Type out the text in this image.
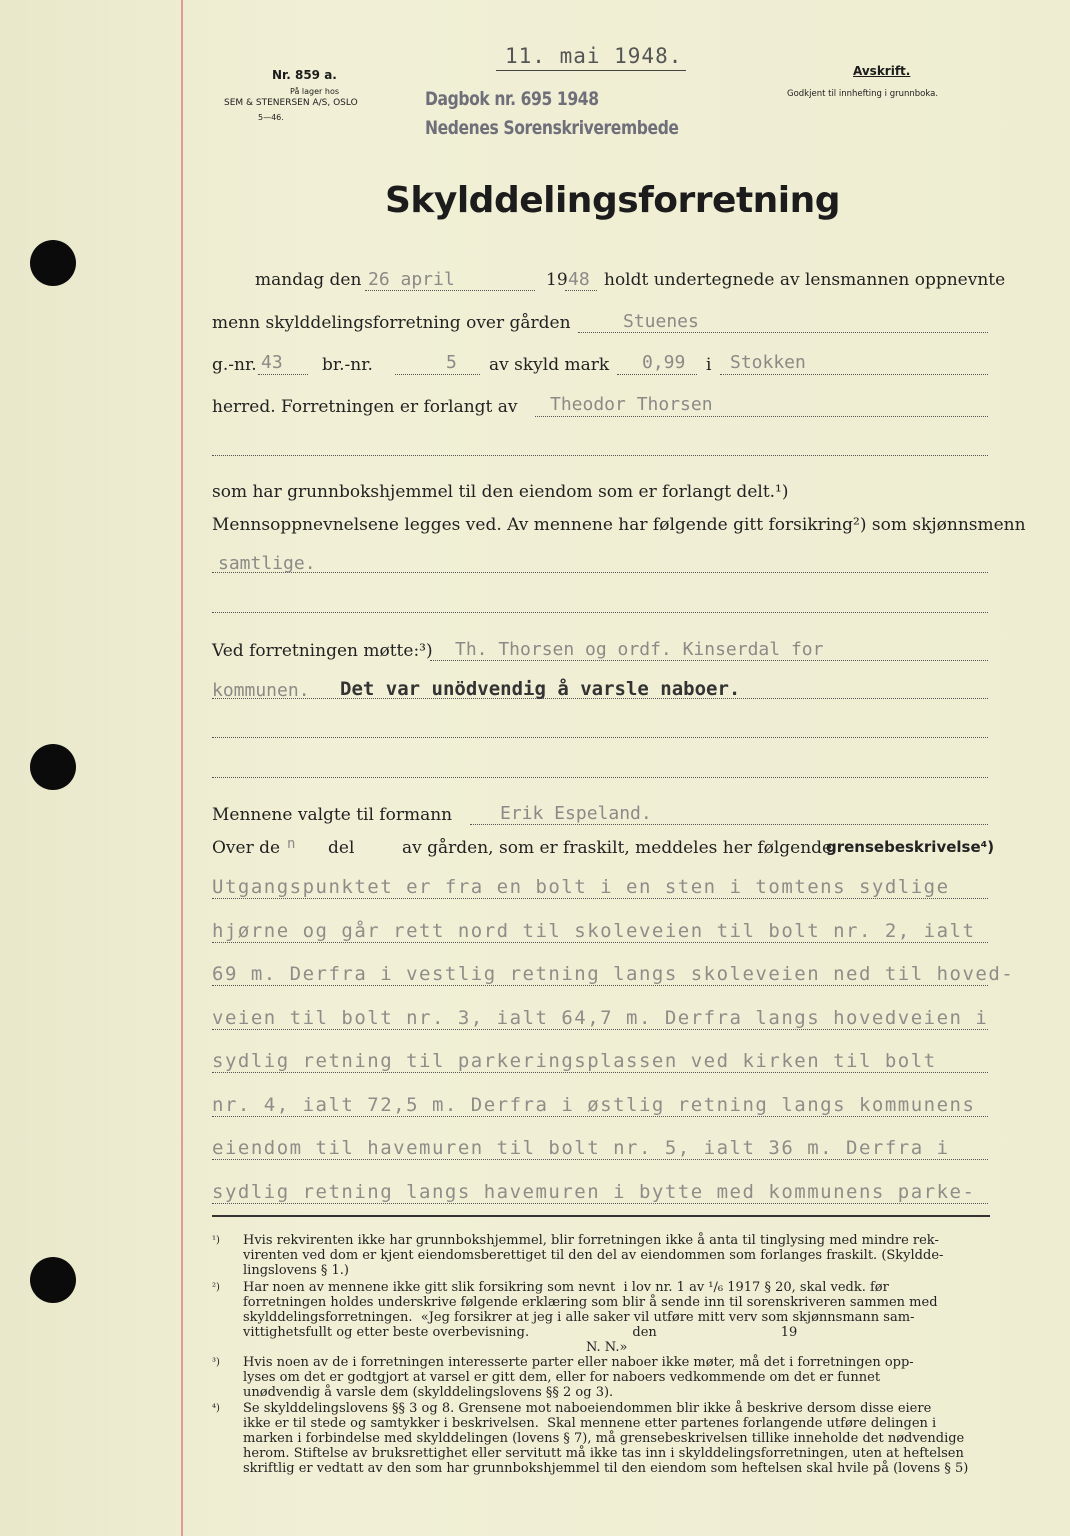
11. mai 1948.
Nr. 859 a.
På lager hos
SEM & STENERSEN A/S, OSLO
5—46.
Dagbok nr. 695 1948
Nedenes Sorenskriverembede
Avskrift.
Godkjent til innhefting i grunnboka.
Skylddelingsforretning
mandag den 26 april	19 48 holdt undertegnede av lensmannen oppnevnte
menn skylddelingsforretning over gården	Stuenes
g.-nr. 43 br.-nr.	5 av skyld mark 0,99 i Stokken
herred. Forretningen er forlangt av Theodor Thorsen
som har grunnbokshjemmel til den eiendom som er forlangt delt.¹)
Mennsoppnevnelsene legges ved. Av mennene har følgende gitt forsikring²) som skjønnsmenn
samtlige.
Ved forretningen møtte:³) Th. Thorsen og ordf. Kinserdal for
kommunen. Det var unödvendig å varsle naboer.
Mennene valgte til formann	Erik Espeland.
Over de n del	av gården, som er fraskilt, meddeles her følgende
grensebeskrivelse⁴)
Utgangspunktet er fra en bolt i en sten i tomtens sydlige
hjørne og går rett nord til skoleveien til bolt nr. 2, ialt
69 m. Derfra i vestlig retning langs skoleveien ned til hoved-
veien til bolt nr. 3, ialt 64,7 m. Derfra langs hovedveien i
sydlig retning til parkeringsplassen ved kirken til bolt
nr. 4, ialt 72,5 m. Derfra i østlig retning langs kommunens
eiendom til havemuren til bolt nr. 5, ialt 36 m. Derfra i
sydlig retning langs havemuren i bytte med kommunens parke-
¹) Hvis rekvirenten ikke har grunnbokshjemmel, blir forretningen ikke å anta til tinglysing med mindre rek-
virenten ved dom er kjent eiendomsberettiget til den del av eiendommen som forlanges fraskilt. (Skyldde-
lingslovens § 1.)
²) Har noen av mennene ikke gitt slik forsikring som nevnt  i lov nr. 1 av ¹/₆ 1917 § 20, skal vedk. før
forretningen holdes underskrive følgende erklæring som blir å sende inn til sorenskriveren sammen med
skylddelingsforretningen.  «Jeg forsikrer at jeg i alle saker vil utføre mitt verv som skjønnsmann sam-
vittighetsfullt og etter beste overbevisning.                         den                              19
N. N.»
³) Hvis noen av de i forretningen interesserte parter eller naboer ikke møter, må det i forretningen opp-
lyses om det er godtgjort at varsel er gitt dem, eller for naboers vedkommende om det er funnet
unødvendig å varsle dem (skylddelingslovens §§ 2 og 3).
⁴) Se skylddelingslovens §§ 3 og 8. Grensene mot naboeiendommen blir ikke å beskrive dersom disse eiere
ikke er til stede og samtykker i beskrivelsen.  Skal mennene etter partenes forlangende utføre delingen i
marken i forbindelse med skylddelingen (lovens § 7), må grensebeskrivelsen tillike inneholde det nødvendige
herom. Stiftelse av bruksrettighet eller servitutt må ikke tas inn i skylddelingsforretningen, uten at heftelsen
skriftlig er vedtatt av den som har grunnbokshjemmel til den eiendom som heftelsen skal hvile på (lovens § 5)
